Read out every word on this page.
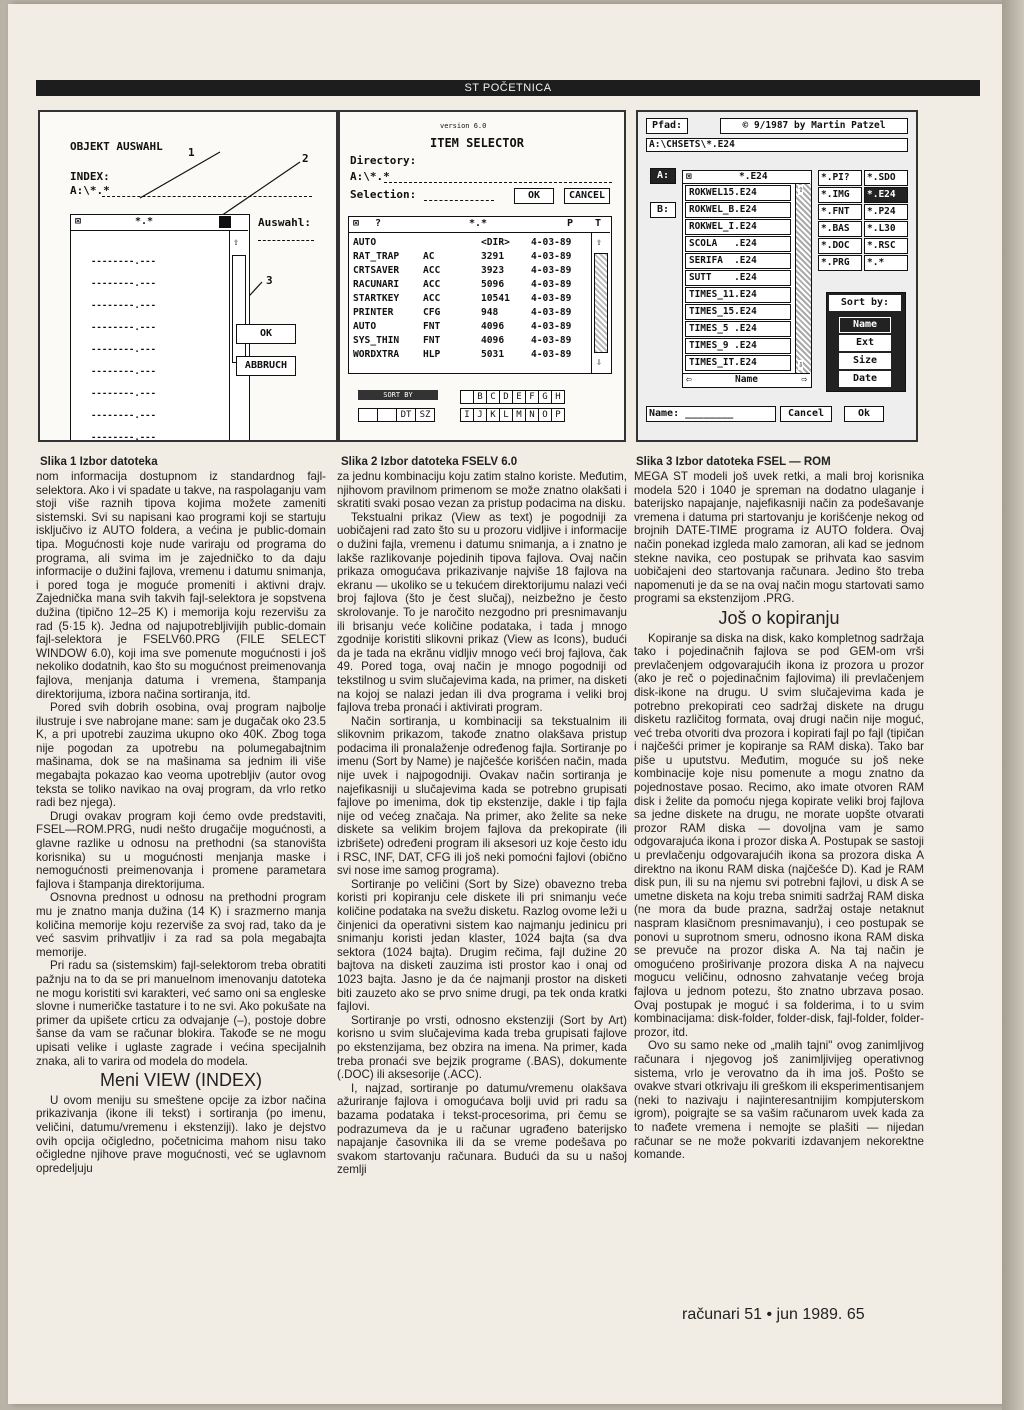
ST POČETNICA
OBJEKT AUSWAHL 1	2
INDEX:
A:\*.*
⊠	*.*
--------.---
--------.---
--------.---
--------.---
--------.---
--------.---
--------.---
--------.---
--------.---
⇧
Auswahl:
3
OK
ABBRUCH
version 6.0
ITEM SELECTOR
Directory:
A:\*.*
Selection:	OK	CANCEL
⊠ ?	*.*	P T
AUTO	<DIR> 4-03-89
RAT_TRAP AC	3291	4-03-89
CRTSAVER ACC	3923	4-03-89
RACUNARI ACC	5096	4-03-89
STARTKEY ACC	10541 4-03-89
PRINTER	CFG	948	4-03-89
AUTO	FNT	4096	4-03-89
SYS_THIN FNT	4096	4-03-89
WORDXTRA HLP	5031	4-03-89
⇧
⇩
SORT BY
NM EX DT SZ
A B C D E F G H
I J K L M N O P
Pfad:	© 9/1987 by Martin Patzel
A:\CHSETS\*.E24
A:
B:
⊠	*.E24
ROKWEL15.E24
ROKWEL_B.E24
ROKWEL_I.E24
SCOLA   .E24
SERIFA  .E24
SUTT    .E24
TIMES_11.E24
TIMES_15.E24
TIMES_5 .E24
TIMES_9 .E24
TIMES_IT.E24
⇧
⇩
⇦	Name	⇨
*.PI?	*.SDO
*.IMG	*.E24
*.FNT	*.P24
*.BAS	*.L30
*.DOC	*.RSC
*.PRG	*.*
Sort by:
Name
Ext
Size
Date
Name: ________	Cancel	Ok
Slika 1 Izbor datoteka	Slika 2 Izbor datoteka FSELV 6.0	Slika 3 Izbor datoteka FSEL — ROM

nom informacija dostupnom iz standardnog fajl-selektora. Ako i vi spadate u takve, na raspolaganju vam stoji više raznih tipova kojima možete zameniti sistemski. Svi su napisani kao programi koji se startuju isključivo iz AUTO foldera, a većina je public-domain tipa. Mogućnosti koje nude variraju od programa do programa, ali svima im je zajedničko to da daju informacije o dužini fajlova, vremenu i datumu snimanja, i pored toga je moguće promeniti i aktivni drajv. Zajednička mana svih takvih fajl-selektora je sopstvena dužina (tipično 12–25 K) i memorija koju rezervišu za rad (5·15 k). Jedna od najupotrebljivijih public-domain fajl-selektora je FSELV60.PRG (FILE SELECT WINDOW 6.0), koji ima sve pomenute mogućnosti i još nekoliko dodatnih, kao što su mogućnost preimenovanja fajlova, menjanja datuma i vremena, štampanja direktorijuma, izbora načina sortiranja, itd.

Pored svih dobrih osobina, ovaj program najbolje ilustruje i sve nabrojane mane: sam je dugačak oko 23.5 K, a pri upotrebi zauzima ukupno oko 40K. Zbog toga nije pogodan za upotrebu na polumegabajtnim mašinama, dok se na mašinama sa jednim ili više megabajta pokazao kao veoma upotrebljiv (autor ovog teksta se toliko navikao na ovaj program, da vrlo retko radi bez njega).

Drugi ovakav program koji ćemo ovde predstaviti, FSEL—ROM.PRG, nudi nešto drugačije mogućnosti, a glavne razlike u odnosu na prethodni (sa stanovišta korisnika) su u mogućnosti menjanja maske i nemogućnosti preimenovanja i promene parametara fajlova i štampanja direktorijuma.

Osnovna prednost u odnosu na prethodni program mu je znatno manja dužina (14 K) i srazmerno manja količina memorije koju rezerviše za svoj rad, tako da je već sasvim prihvatljiv i za rad sa pola megabajta memorije.

Pri radu sa (sistemskim) fajl-selektorom treba obratiti pažnju na to da se pri manuelnom imenovanju datoteka ne mogu koristiti svi karakteri, već samo oni sa engleske slovne i numeričke tastature i to ne svi. Ako pokušate na primer da upišete crticu za odvajanje (–), postoje dobre šanse da vam se računar blokira. Takođe se ne mogu upisati velike i uglaste zagrade i većina specijalnih znaka, ali to varira od modela do modela.

Meni VIEW (INDEX)

U ovom meniju su smeštene opcije za izbor načina prikazivanja (ikone ili tekst) i sortiranja (po imenu, veličini, datumu/vremenu i ekstenziji). Iako je dejstvo ovih opcija očigledno, početnicima mahom nisu tako očigledne njihove prave mogućnosti, već se uglavnom opredeljuju

za jednu kombinaciju koju zatim stalno koriste. Međutim, njihovom pravilnom primenom se može znatno olakšati i skratiti svaki posao vezan za pristup podacima na disku.

Tekstualni prikaz (View as text) je pogodniji za uobičajeni rad zato što su u prozoru vidljive i informacije o dužini fajla, vremenu i datumu snimanja, a i znatno je lakše razlikovanje pojedinih tipova fajlova. Ovaj način prikaza omogućava prikazivanje najviše 18 fajlova na ekranu — ukoliko se u tekućem direktorijumu nalazi veći broj fajlova (što je čest slučaj), neizbežno je često skrolovanje. To je naročito nezgodno pri presnimavanju ili brisanju veće količine podataka, i tada j mnogo zgodnije koristiti slikovni prikaz (View as Icons), budući da je tada na ekrănu vidljiv mnogo veći broj fajlova, čak 49. Pored toga, ovaj način je mnogo pogodniji od tekstilnog u svim slučajevima kada, na primer, na disketi na kojoj se nalazi jedan ili dva programa i veliki broj fajlova treba pronaći i aktivirati program.

Način sortiranja, u kombinaciji sa tekstualnim ili slikovnim prikazom, takođe znatno olakšava pristup podacima ili pronalaženje određenog fajla. Sortiranje po imenu (Sort by Name) je najčešće korišćen način, mada nije uvek i najpogodniji. Ovakav način sortiranja je najefikasniji u slučajevima kada se potrebno grupisati fajlove po imenima, dok tip ekstenzije, dakle i tip fajla nije od većeg značaja. Na primer, ako želite sa neke diskete sa velikim brojem fajlova da prekopirate (ili izbrišete) određeni program ili aksesori uz koje često idu i RSC, INF, DAT, CFG ili još neki pomoćni fajlovi (obično svi nose ime samog programa).

Sortiranje po veličini (Sort by Size) obavezno treba koristi pri kopiranju cele diskete ili pri snimanju veće količine podataka na svežu disketu. Razlog ovome leži u činjenici da operativni sistem kao najmanju jedinicu pri snimanju koristi jedan klaster, 1024 bajta (sa dva sektora (1024 bajta). Drugim rečima, fajl dužine 20 bajtova na disketi zauzima isti prostor kao i onaj od 1023 bajta. Jasno je da će najmanji prostor na disketi biti zauzeto ako se prvo snime drugi, pa tek onda kratki fajlovi.

Sortiranje po vrsti, odnosno ekstenziji (Sort by Art) korisno u svim slučajevima kada treba grupisati fajlove po ekstenzijama, bez obzira na imena. Na primer, kada treba pronaći sve bejzik programe (.BAS), dokumente (.DOC) ili aksesorije (.ACC).

I, najzad, sortiranje po datumu/vremenu olakšava ažuriranje fajlova i omogućava bolji uvid pri radu sa bazama podataka i tekst-procesorima, pri čemu se podrazumeva da je u računar ugrađeno baterijsko napajanje časovnika ili da se vreme podešava po svakom startovanju računara. Budući da su u našoj zemlji

MEGA ST modeli još uvek retki, a mali broj korisnika modela 520 i 1040 je spreman na dodatno ulaganje i baterijsko napajanje, najefikasniji način za podešavanje vremena i datuma pri startovanju je korišćenje nekog od brojnih DATE-TIME programa iz AUTO foldera. Ovaj način ponekad izgleda malo zamoran, ali kad se jednom stekne navika, ceo postupak se prihvata kao sasvim uobičajeni deo startovanja računara. Jedino što treba napomenuti je da se na ovaj način mogu startovati samo programi sa ekstenzijom .PRG.

Još o kopiranju

Kopiranje sa diska na disk, kako kompletnog sadržaja tako i pojedinačnih fajlova se pod GEM-om vrši prevlačenjem odgovarajućih ikona iz prozora u prozor (ako je reč o pojedinačnim fajlovima) ili prevlačenjem disk-ikone na drugu. U svim slučajevima kada je potrebno prekopirati ceo sadržaj diskete na drugu disketu različitog formata, ovaj drugi način nije moguć, već treba otvoriti dva prozora i kopirati fajl po fajl (tipičan i najčešći primer je kopiranje sa RAM diska). Tako bar piše u uputstvu. Međutim, moguće su još neke kombinacije koje nisu pomenute a mogu znatno da pojednostave posao. Recimo, ako imate otvoren RAM disk i želite da pomoću njega kopirate veliki broj fajlova sa jedne diskete na drugu, ne morate uopšte otvarati prozor RAM diska — dovoljna vam je samo odgovarajuća ikona i prozor diska A. Postupak se sastoji u prevlačenju odgovarajućih ikona sa prozora diska A direktno na ikonu RAM diska (najčešće D). Kad je RAM disk pun, ili su na njemu svi potrebni fajlovi, u disk A se umetne disketa na koju treba snimiti sadržaj RAM diska (ne mora da bude prazna, sadržaj ostaje netaknut naspram klasičnom presnimavanju), i ceo postupak se ponovi u suprotnom smeru, odnosno ikona RAM diska se prevuče na prozor diska A. Na taj način je omogućeno proširivanje prozora diska A na najvecu mogucu veličinu, odnosno zahvatanje većeg broja fajlova u jednom potezu, što znatno ubrzava posao. Ovaj postupak je moguć i sa folderima, i to u svim kombinacijama: disk-folder, folder-disk, fajl-folder, folder-prozor, itd.

Ovo su samo neke od „malih tajni" ovog zanimljivog računara i njegovog još zanimljivijeg operativnog sistema, vrlo je verovatno da ih ima još. Pošto se ovakve stvari otkrivaju ili greškom ili eksperimentisanjem (neki to nazivaju i najinteresantnijim kompjuterskom igrom), poigrajte se sa vašim računarom uvek kada za to nađete vremena i nemojte se plašiti — nijedan računar se ne može pokvariti izdavanjem nekorektne komande.

računari 51 • jun 1989. 65
